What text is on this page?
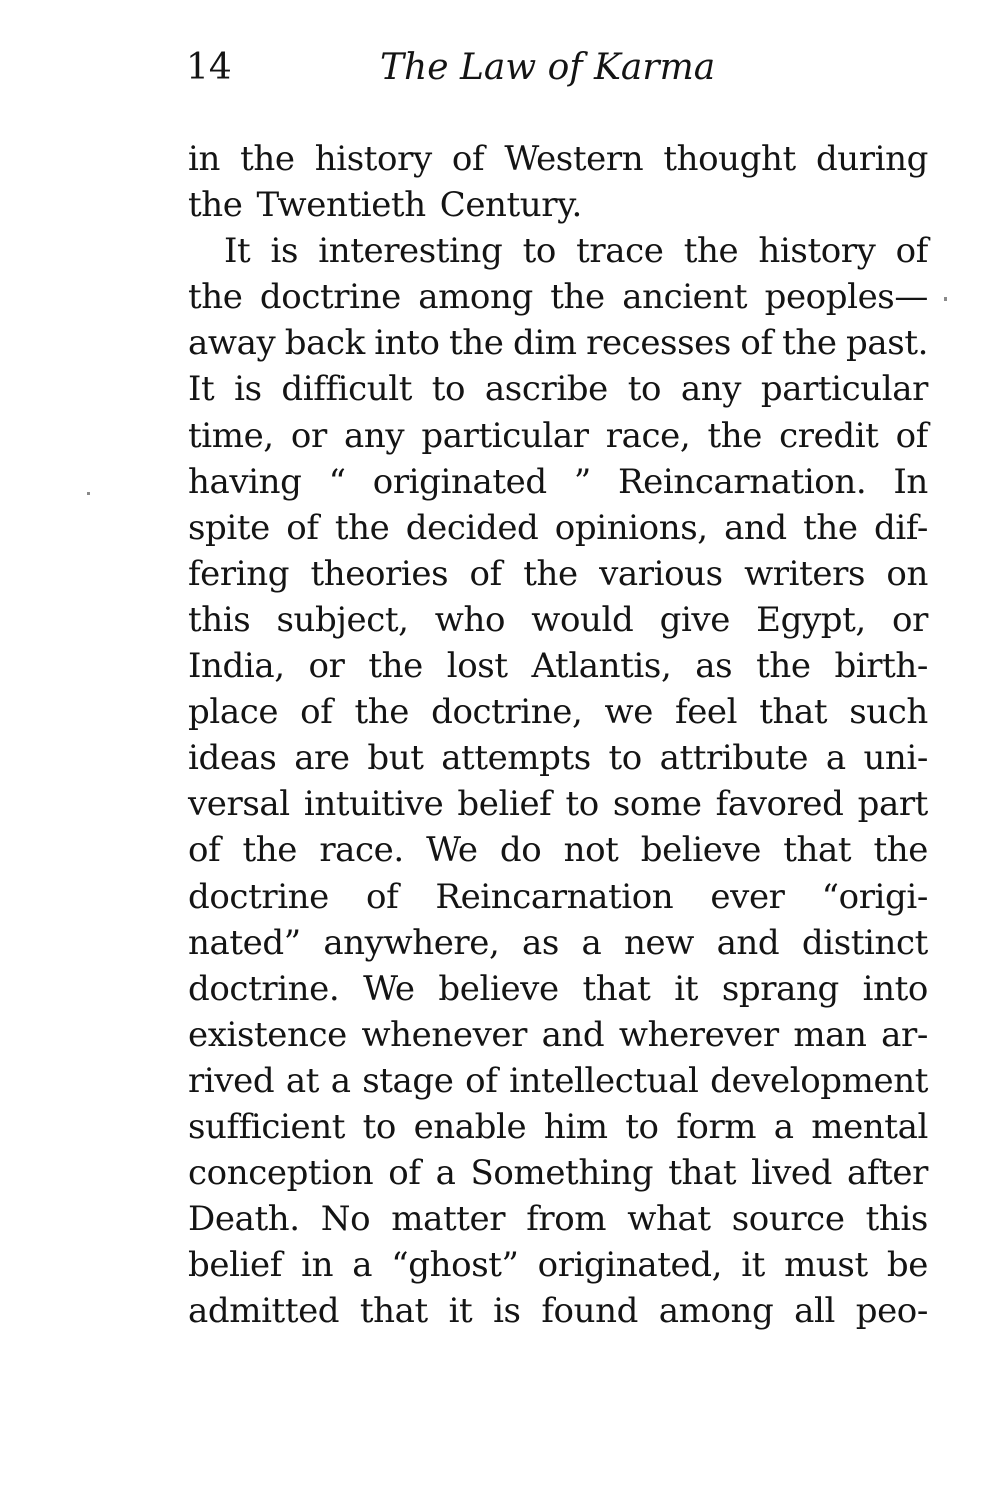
14	The Law of Karma
in the history of Western thought during
the Twentieth Century.
It is interesting to trace the history of
the doctrine among the ancient peoples—
away back into the dim recesses of the past.
It is difficult to ascribe to any particular
time, or any particular race, the credit of
having “ originated ” Reincarnation. In
spite of the decided opinions, and the dif-
fering theories of the various writers on
this subject, who would give Egypt, or
India, or the lost Atlantis, as the birth-
place of the doctrine, we feel that such
ideas are but attempts to attribute a uni-
versal intuitive belief to some favored part
of the race. We do not believe that the
doctrine of Reincarnation ever “origi-
nated” anywhere, as a new and distinct
doctrine. We believe that it sprang into
existence whenever and wherever man ar-
rived at a stage of intellectual development
sufficient to enable him to form a mental
conception of a Something that lived after
Death. No matter from what source this
belief in a “ghost” originated, it must be
admitted that it is found among all peo-
